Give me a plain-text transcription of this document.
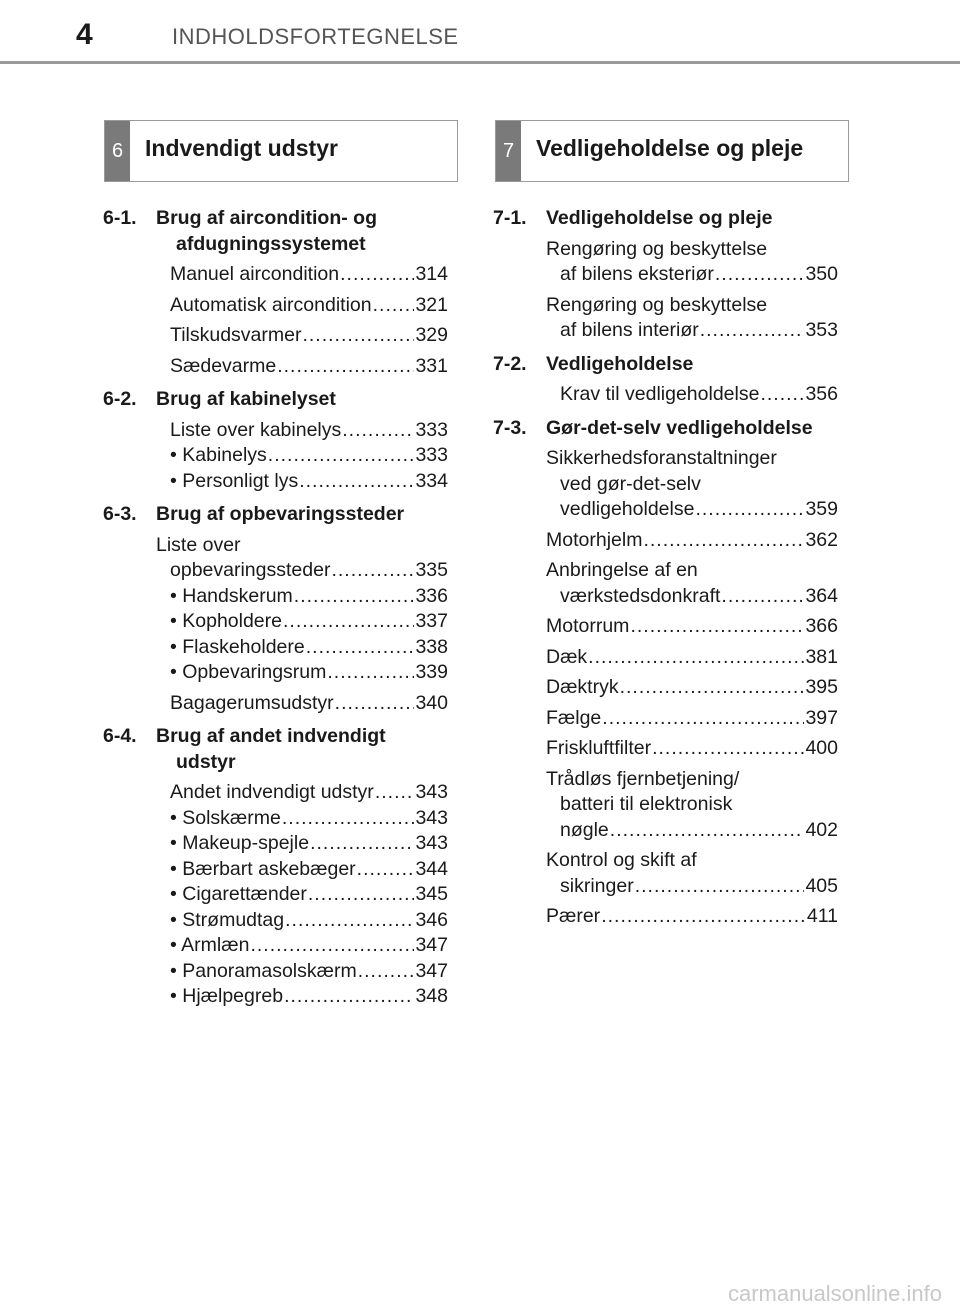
4	INDHOLDSFORTEGNELSE
6 Indvendigt udstyr	7 Vedligeholdelse og pleje
6-1. Brug af aircondition- og afdugningssystemet
Manuel aircondition .....	314
Automatisk aircondition ..... 321
Tilskudsvarmer .....	329
Sædevarme .....	331
6-2. Brug af kabinelyset
Liste over kabinelys .....	333
• Kabinelys .....	333
• Personligt lys .....	334
6-3. Brug af opbevaringssteder
Liste over
opbevaringssteder .....	335
• Handskerum .....	336
• Kopholdere .....	337
• Flaskeholdere .....	338
• Opbevaringsrum .....	339
Bagagerumsudstyr .....	340
6-4. Brug af andet indvendigt udstyr
Andet indvendigt udstyr ..... 343
• Solskærme .....	343
• Makeup-spejle .....	343
• Bærbart askebæger .....	344
• Cigarettænder .....	345
• Strømudtag .....	346
• Armlæn .....	347
• Panoramasolskærm .....	347
• Hjælpegreb .....	348
7-1. Vedligeholdelse og pleje
Rengøring og beskyttelse
af bilens eksteriør .....	350
Rengøring og beskyttelse
af bilens interiør .....	353
7-2. Vedligeholdelse
Krav til vedligeholdelse ..... 356
7-3. Gør-det-selv vedligeholdelse
Sikkerhedsforanstaltninger
ved gør-det-selv
vedligeholdelse .....	359
Motorhjelm .....	362
Anbringelse af en
værkstedsdonkraft .....	364
Motorrum .....	366
Dæk .....	381
Dæktryk .....	395
Fælge .....	397
Friskluftfilter .....	400
Trådløs fjernbetjening/
batteri til elektronisk
nøgle .....	402
Kontrol og skift af
sikringer .....	405
Pærer .....	411
carmanualsonline.info
